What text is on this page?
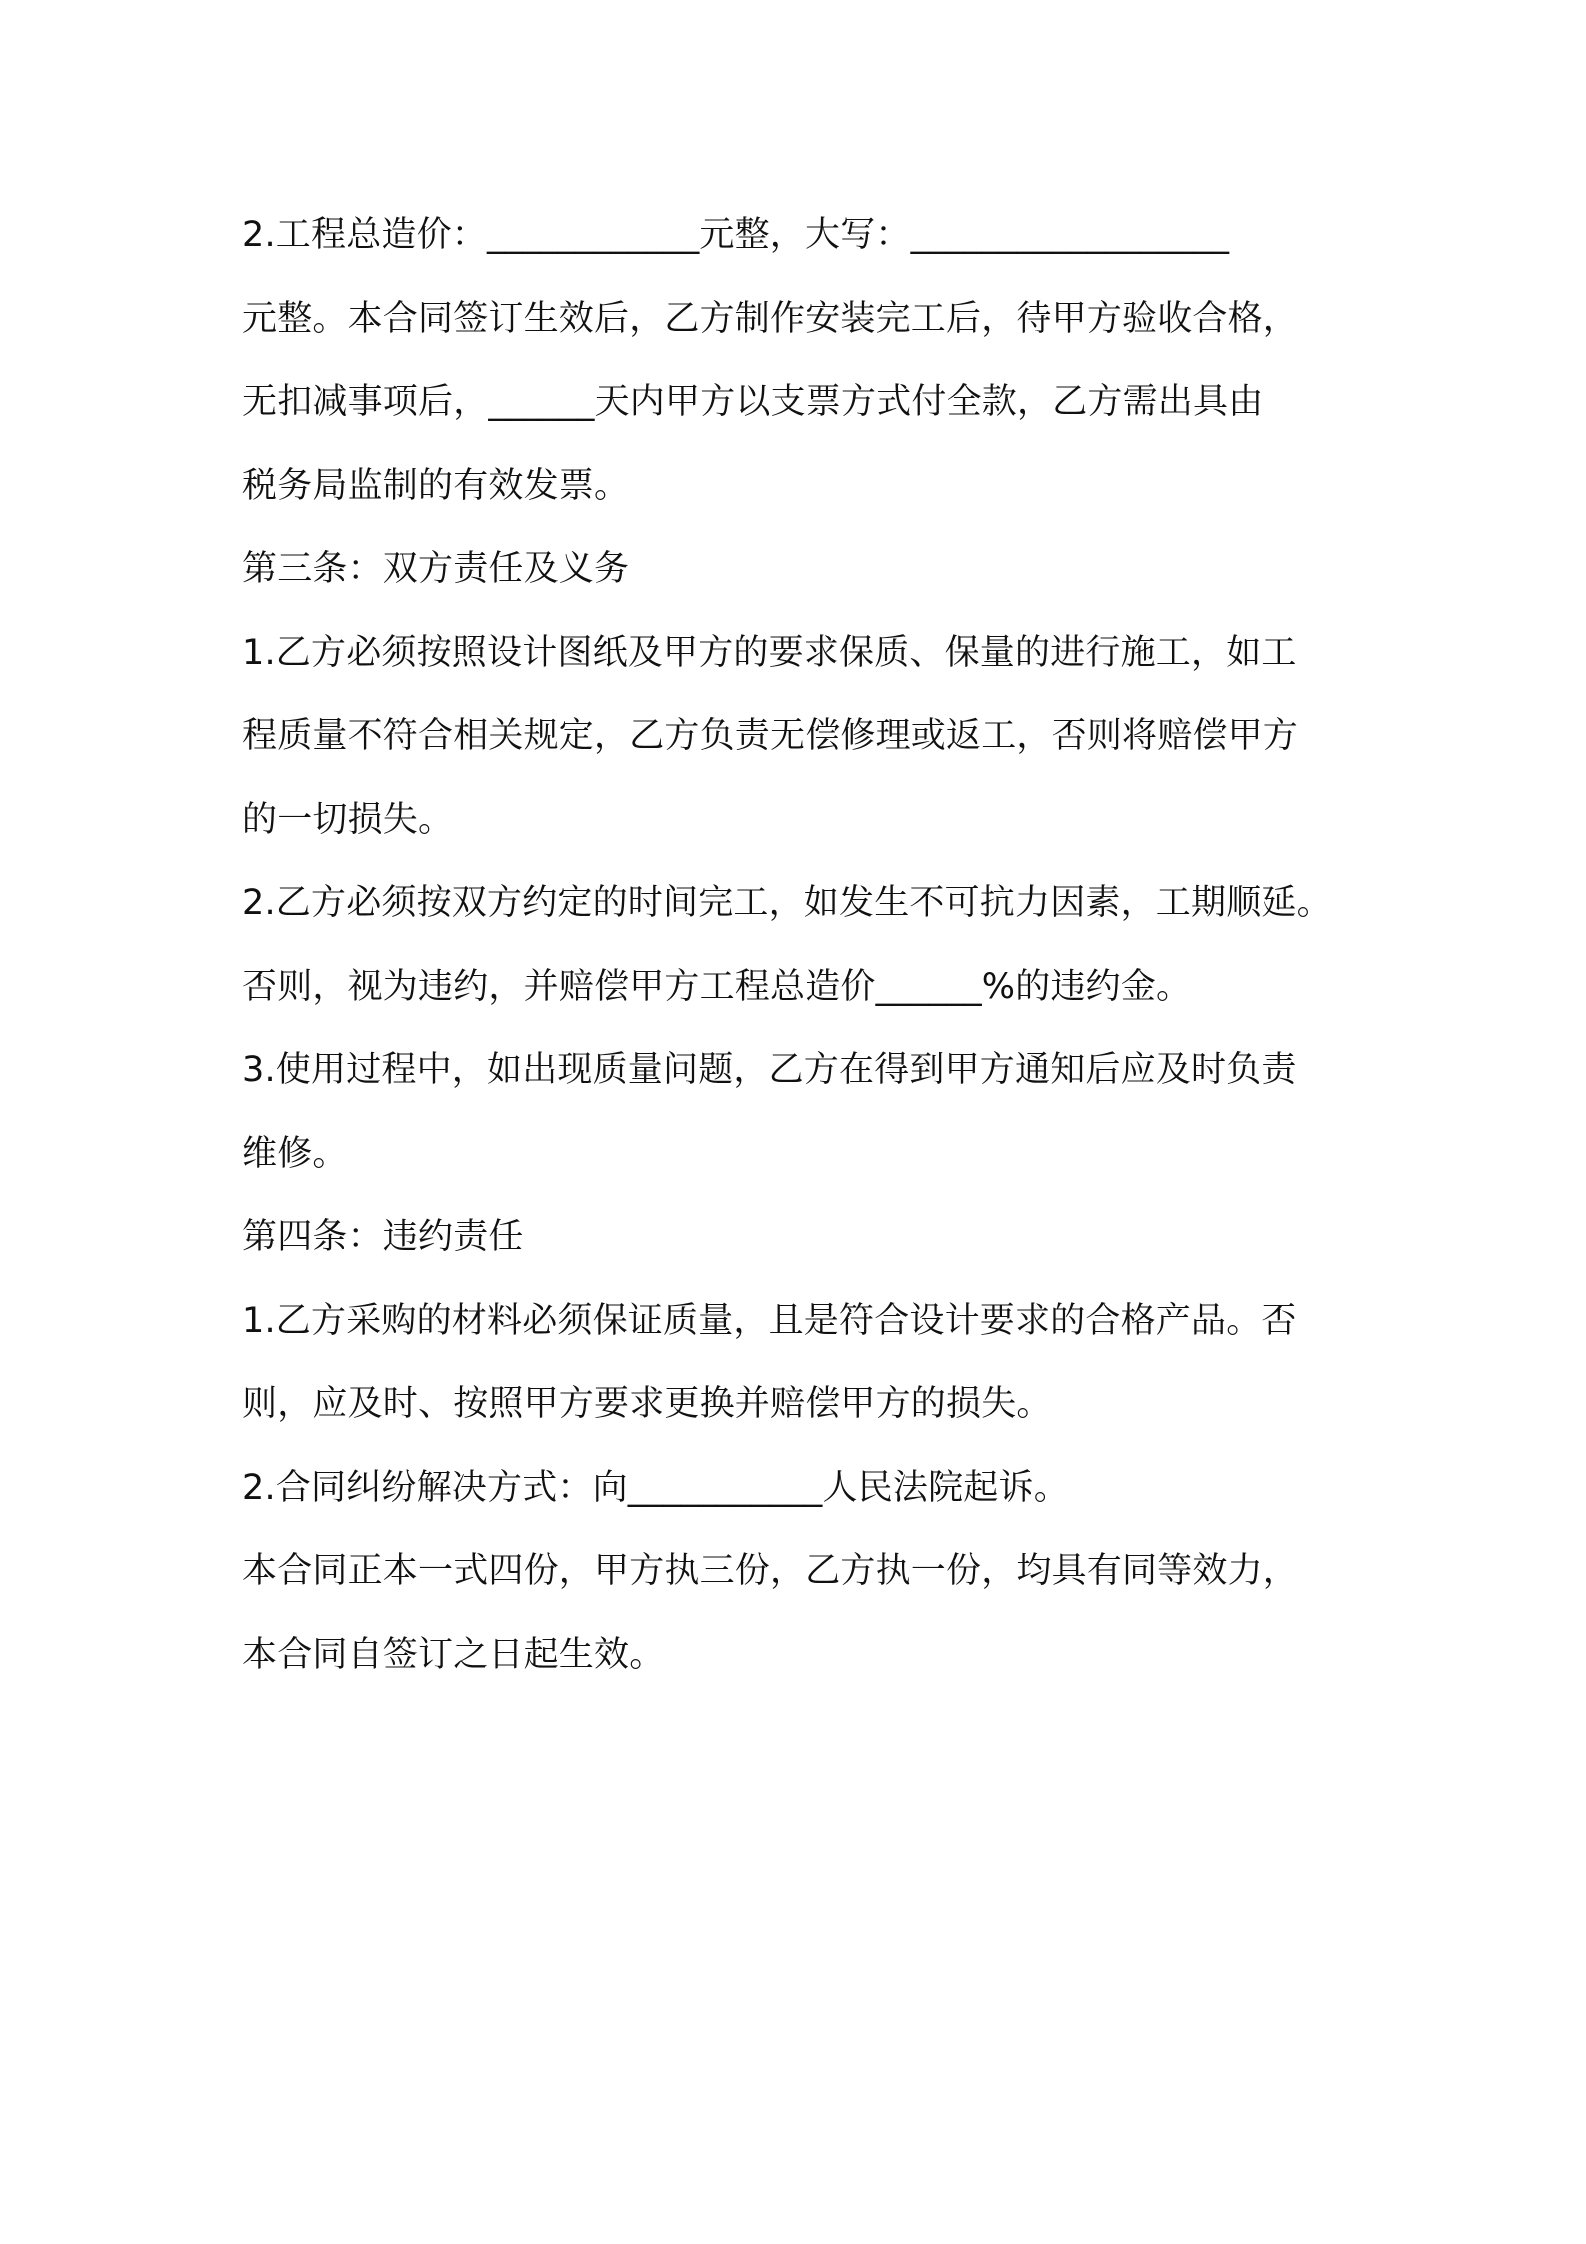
2.工程总造价：____________元整，大写：__________________
元整。本合同签订生效后，乙方制作安装完工后，待甲方验收合格，
无扣减事项后，______天内甲方以支票方式付全款，乙方需出具由
税务局监制的有效发票。
第三条：双方责任及义务
1.乙方必须按照设计图纸及甲方的要求保质、保量的进行施工，如工
程质量不符合相关规定，乙方负责无偿修理或返工，否则将赔偿甲方
的一切损失。
2.乙方必须按双方约定的时间完工，如发生不可抗力因素，工期顺延。
否则，视为违约，并赔偿甲方工程总造价______%的违约金。
3.使用过程中，如出现质量问题，乙方在得到甲方通知后应及时负责
维修。
第四条：违约责任
1.乙方采购的材料必须保证质量，且是符合设计要求的合格产品。否
则，应及时、按照甲方要求更换并赔偿甲方的损失。
2.合同纠纷解决方式：向___________人民法院起诉。
本合同正本一式四份，甲方执三份，乙方执一份，均具有同等效力，
本合同自签订之日起生效。
